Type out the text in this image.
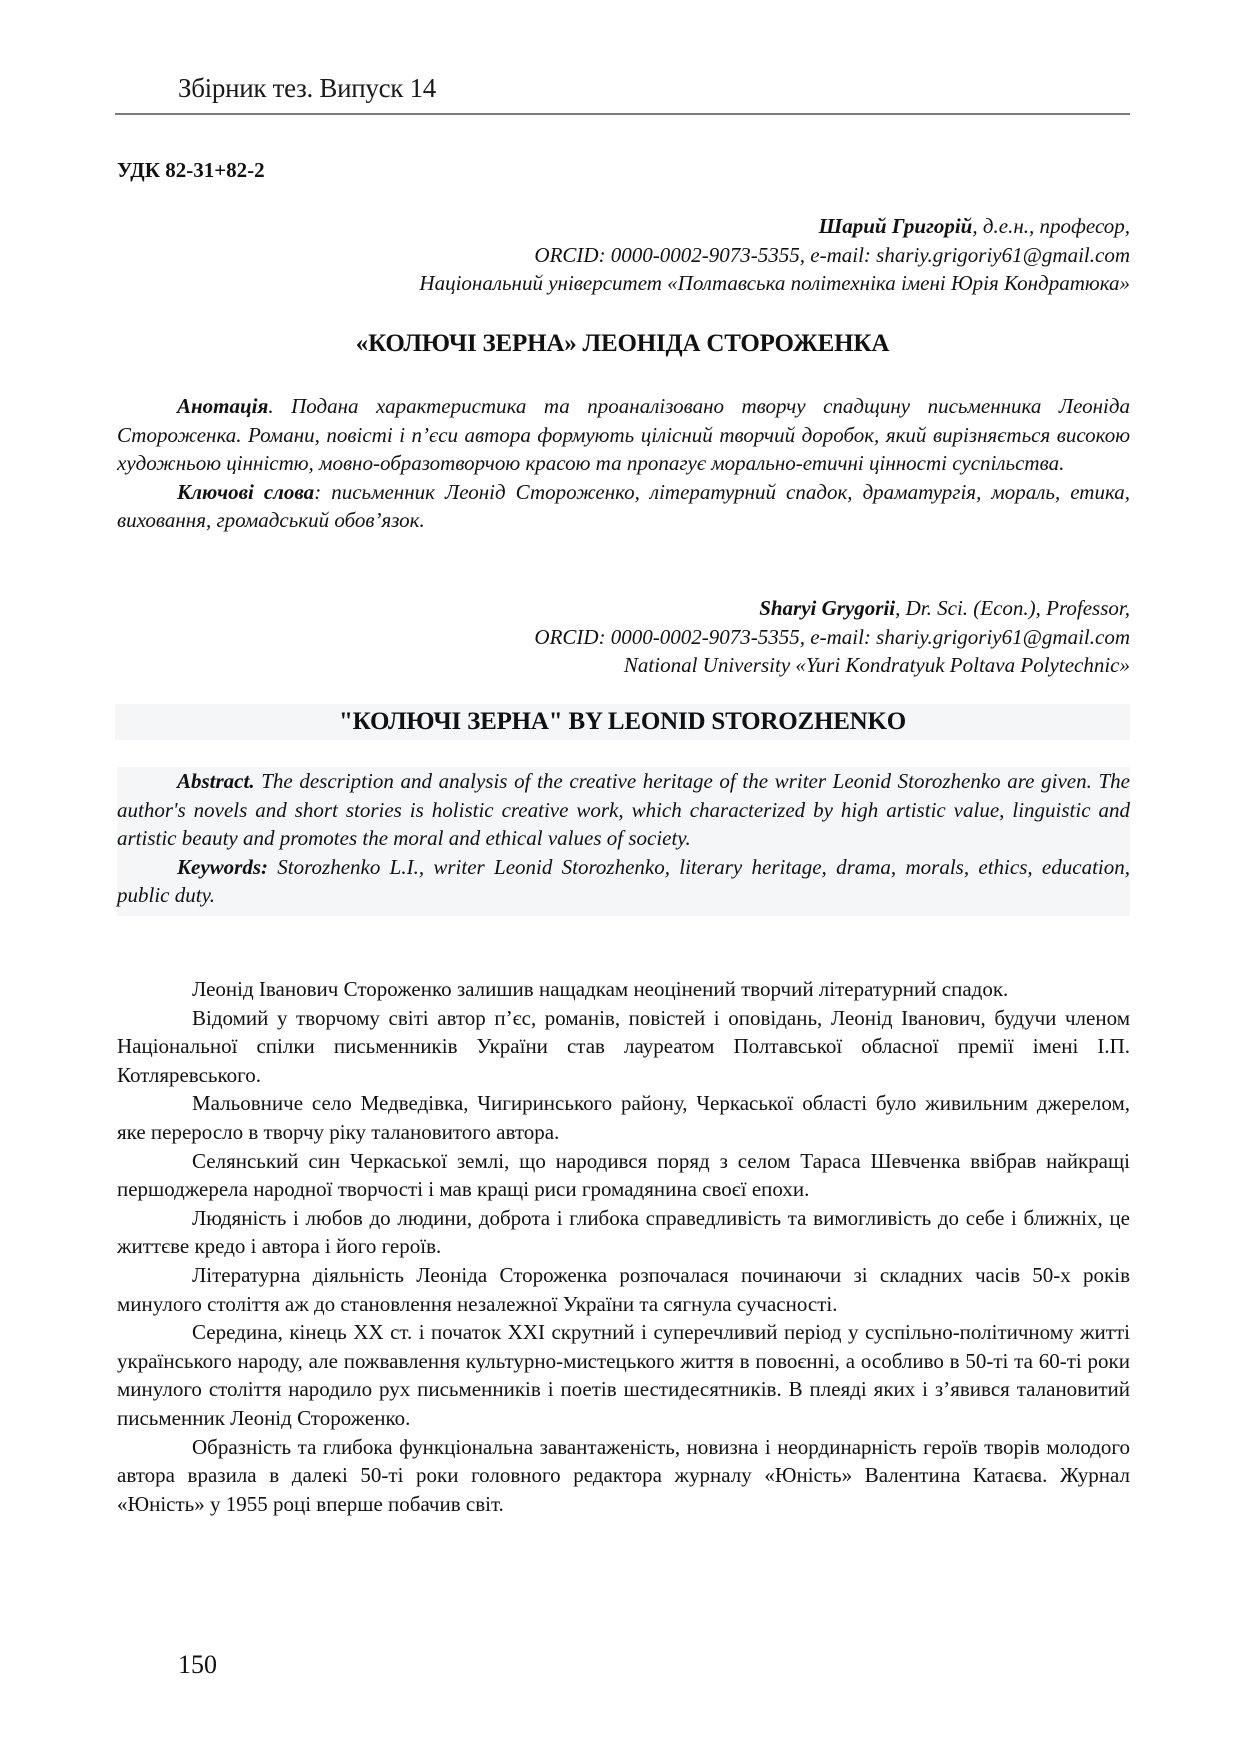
Збірник тез. Випуск 14
УДК 82-31+82-2
Шарий Григорій, д.е.н., професор,
ORCID: 0000-0002-9073-5355, e-mail: shariy.grigoriy61@gmail.com
Національний університет «Полтавська політехніка імені Юрія Кондратюка»
«КОЛЮЧІ ЗЕРНА» ЛЕОНІДА СТОРОЖЕНКА

Анотація. Подана характеристика та проаналізовано творчу спадщину письменника Леоніда Стороженка. Романи, повісті і п’єси автора формують цілісний творчий доробок, який вирізняється високою художньою цінністю, мовно-образотворчою красою та пропагує морально-етичні цінності суспільства.

Ключові слова: письменник Леонід Стороженко, літературний спадок, драматургія, мораль, етика, виховання, громадський обов’язок.

Sharyi Grygorii, Dr. Sci. (Econ.), Professor,
ORCID: 0000-0002-9073-5355, e-mail: shariy.grigoriy61@gmail.com
National University «Yuri Kondratyuk Poltava Polytechnic»
"КОЛЮЧІ ЗЕРНА" BY LEONID STOROZHENKO

Abstract. The description and analysis of the creative heritage of the writer Leonid Storozhenko are given. The author's novels and short stories is holistic creative work, which characterized by high artistic value, linguistic and artistic beauty and promotes the moral and ethical values of society.

Keywords: Storozhenko L.I., writer Leonid Storozhenko, literary heritage, drama, morals, ethics, education, public duty.

Леонід Іванович Стороженко залишив нащадкам неоцінений творчий літературний спадок.

Відомий у творчому світі автор п’єс, романів, повістей і оповідань, Леонід Іванович, будучи членом Національної спілки письменників України став лауреатом Полтавської обласної премії імені І.П. Котляревського.

Мальовниче село Медведівка, Чигиринського району, Черкаської області було живильним джерелом, яке переросло в творчу ріку талановитого автора.

Селянський син Черкаської землі, що народився поряд з селом Тараса Шевченка ввібрав найкращі першоджерела народної творчості і мав кращі риси громадянина своєї епохи.

Людяність і любов до людини, доброта і глибока справедливість та вимогливість до себе і ближніх, це життєве кредо і автора і його героїв.

Літературна діяльність Леоніда Стороженка розпочалася починаючи зі складних часів 50-х років минулого століття аж до становлення незалежної України та сягнула сучасності.

Середина, кінець XX ст. і початок XXI скрутний і суперечливий період у суспільно-політичному житті українського народу, але пожвавлення культурно-мистецького життя в повоєнні, а особливо в 50-ті та 60-ті роки минулого століття народило рух письменників і поетів шестидесятників. В плеяді яких і з’явився талановитий письменник Леонід Стороженко.

Образність та глибока функціональна завантаженість, новизна і неординарність героїв творів молодого автора вразила в далекі 50-ті роки головного редактора журналу «Юність» Валентина Катаєва. Журнал «Юність» у 1955 році вперше побачив світ.

150
